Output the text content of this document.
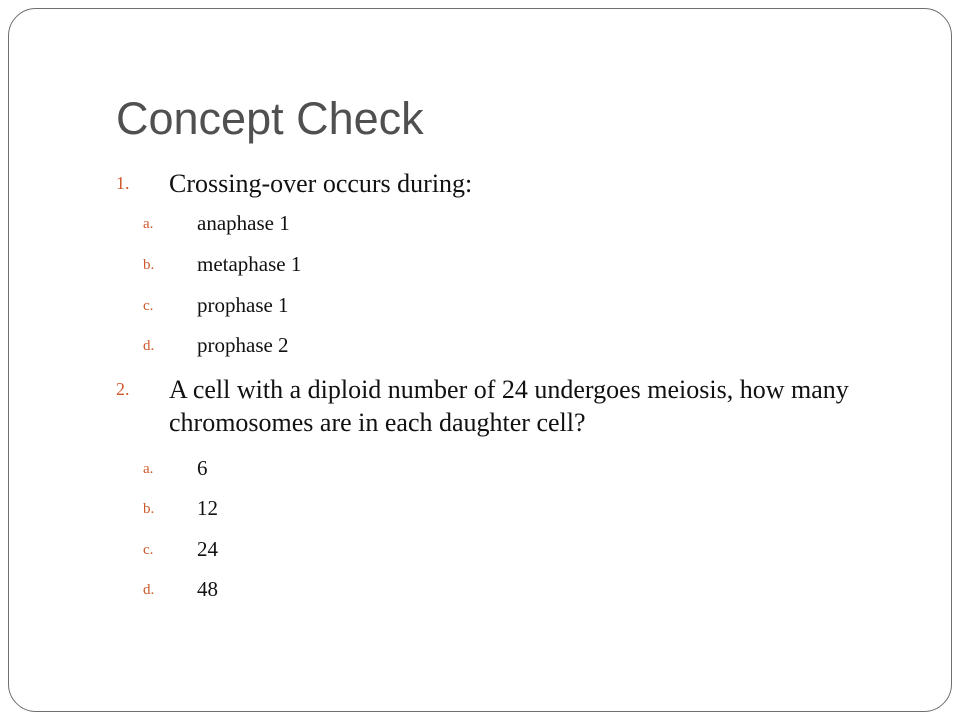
Concept Check
1. Crossing-over occurs during:
a. anaphase 1
b. metaphase 1
c. prophase 1
d. prophase 2
2. A cell with a diploid number of 24 undergoes meiosis, how many chromosomes are in each daughter cell?
a. 6
b. 12
c. 24
d. 48
